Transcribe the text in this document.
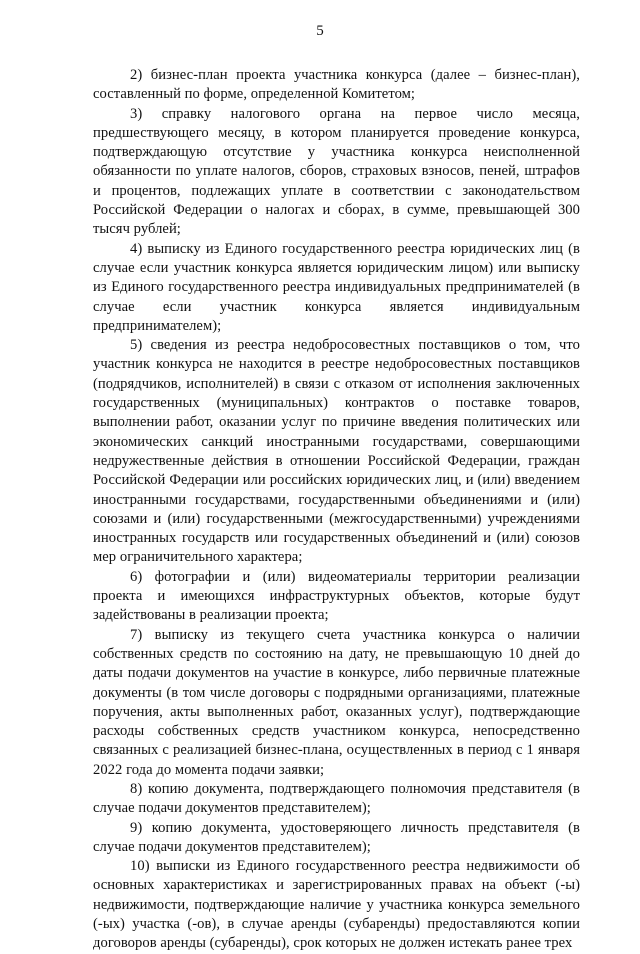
5

2) бизнес-план проекта участника конкурса (далее – бизнес-план), составленный по форме, определенной Комитетом;

3) справку налогового органа на первое число месяца, предшествующего месяцу, в котором планируется проведение конкурса, подтверждающую отсутствие у участника конкурса неисполненной обязанности по уплате налогов, сборов, страховых взносов, пеней, штрафов и процентов, подлежащих уплате в соответствии с законодательством Российской Федерации о налогах и сборах, в сумме, превышающей 300 тысяч рублей;

4) выписку из Единого государственного реестра юридических лиц (в случае если участник конкурса является юридическим лицом) или выписку из Единого государственного реестра индивидуальных предпринимателей (в случае если участник конкурса является индивидуальным предпринимателем);

5) сведения из реестра недобросовестных поставщиков о том, что участник конкурса не находится в реестре недобросовестных поставщиков (подрядчиков, исполнителей) в связи с отказом от исполнения заключенных государственных (муниципальных) контрактов о поставке товаров, выполнении работ, оказании услуг по причине введения политических или экономических санкций иностранными государствами, совершающими недружественные действия в отношении Российской Федерации, граждан Российской Федерации или российских юридических лиц, и (или) введением иностранными государствами, государственными объединениями и (или) союзами и (или) государственными (межгосударственными) учреждениями иностранных государств или государственных объединений и (или) союзов мер ограничительного характера;

6) фотографии и (или) видеоматериалы территории реализации проекта и имеющихся инфраструктурных объектов, которые будут задействованы в реализации проекта;

7) выписку из текущего счета участника конкурса о наличии собственных средств по состоянию на дату, не превышающую 10 дней до даты подачи документов на участие в конкурсе, либо первичные платежные документы (в том числе договоры с подрядными организациями, платежные поручения, акты выполненных работ, оказанных услуг), подтверждающие расходы собственных средств участником конкурса, непосредственно связанных с реализацией бизнес-плана, осуществленных в период с 1 января 2022 года до момента подачи заявки;

8) копию документа, подтверждающего полномочия представителя (в случае подачи документов представителем);

9) копию документа, удостоверяющего личность представителя (в случае подачи документов представителем);

10) выписки из Единого государственного реестра недвижимости об основных характеристиках и зарегистрированных правах на объект (-ы) недвижимости, подтверждающие наличие у участника конкурса земельного (-ых) участка (-ов), в случае аренды (субаренды) предоставляются копии договоров аренды (субаренды), срок которых не должен истекать ранее трех
